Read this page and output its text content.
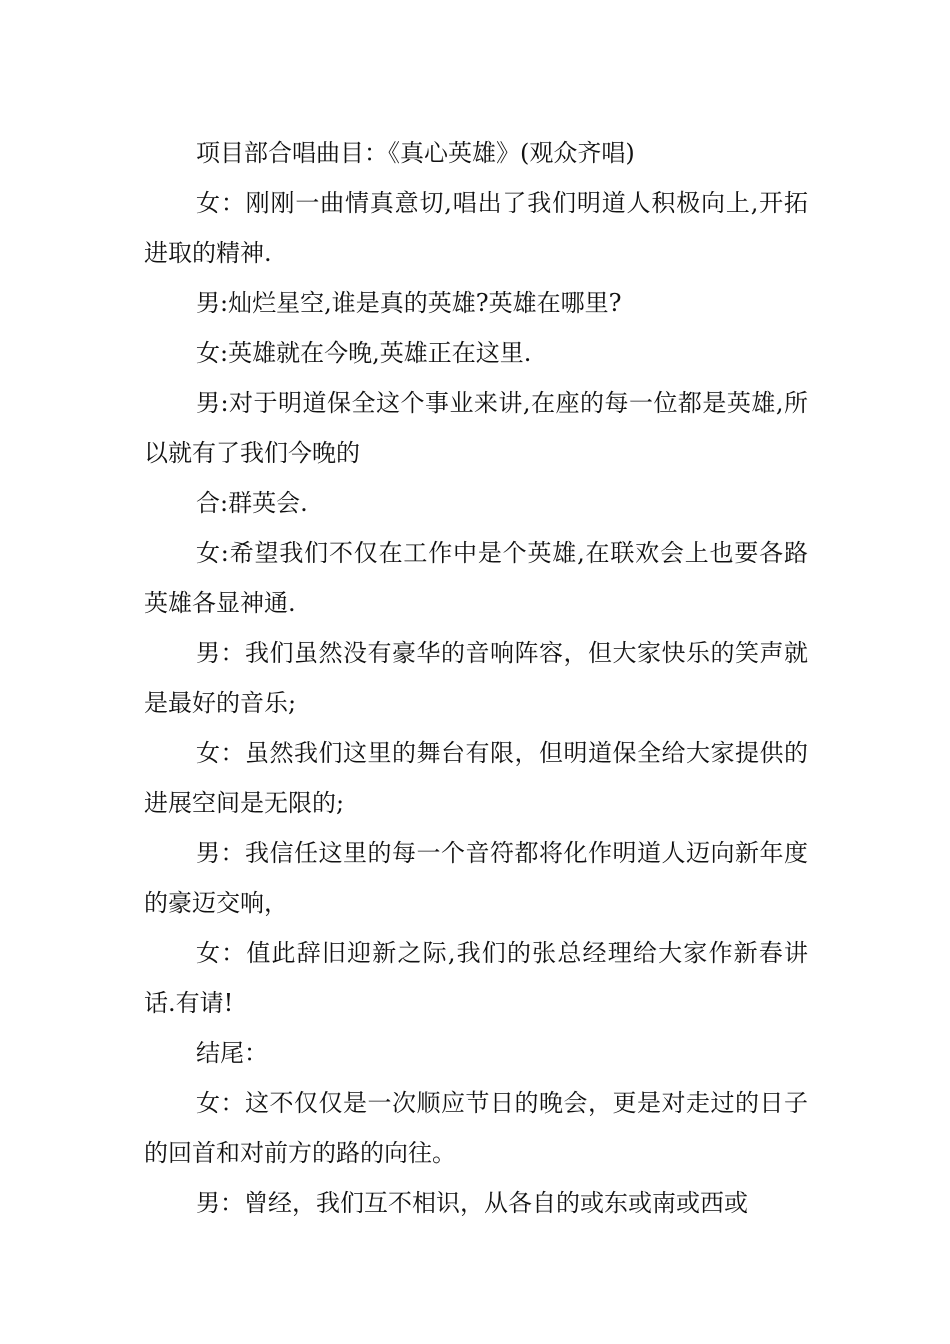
项目部合唱曲目：《真心英雄》(观众齐唱)

女：刚刚一曲情真意切,唱出了我们明道人积极向上,开拓进取的精神.

男:灿烂星空,谁是真的英雄?英雄在哪里?

女:英雄就在今晚,英雄正在这里.

男:对于明道保全这个事业来讲,在座的每一位都是英雄,所以就有了我们今晚的

合:群英会.

女:希望我们不仅在工作中是个英雄,在联欢会上也要各路英雄各显神通.

男：我们虽然没有豪华的音响阵容，但大家快乐的笑声就是最好的音乐;

女：虽然我们这里的舞台有限，但明道保全给大家提供的进展空间是无限的;

男：我信任这里的每一个音符都将化作明道人迈向新年度的豪迈交响，

女：值此辞旧迎新之际,我们的张总经理给大家作新春讲话.有请!

结尾：

女：这不仅仅是一次顺应节日的晚会，更是对走过的日子的回首和对前方的路的向往。

男：曾经，我们互不相识，从各自的或东或南或西或
